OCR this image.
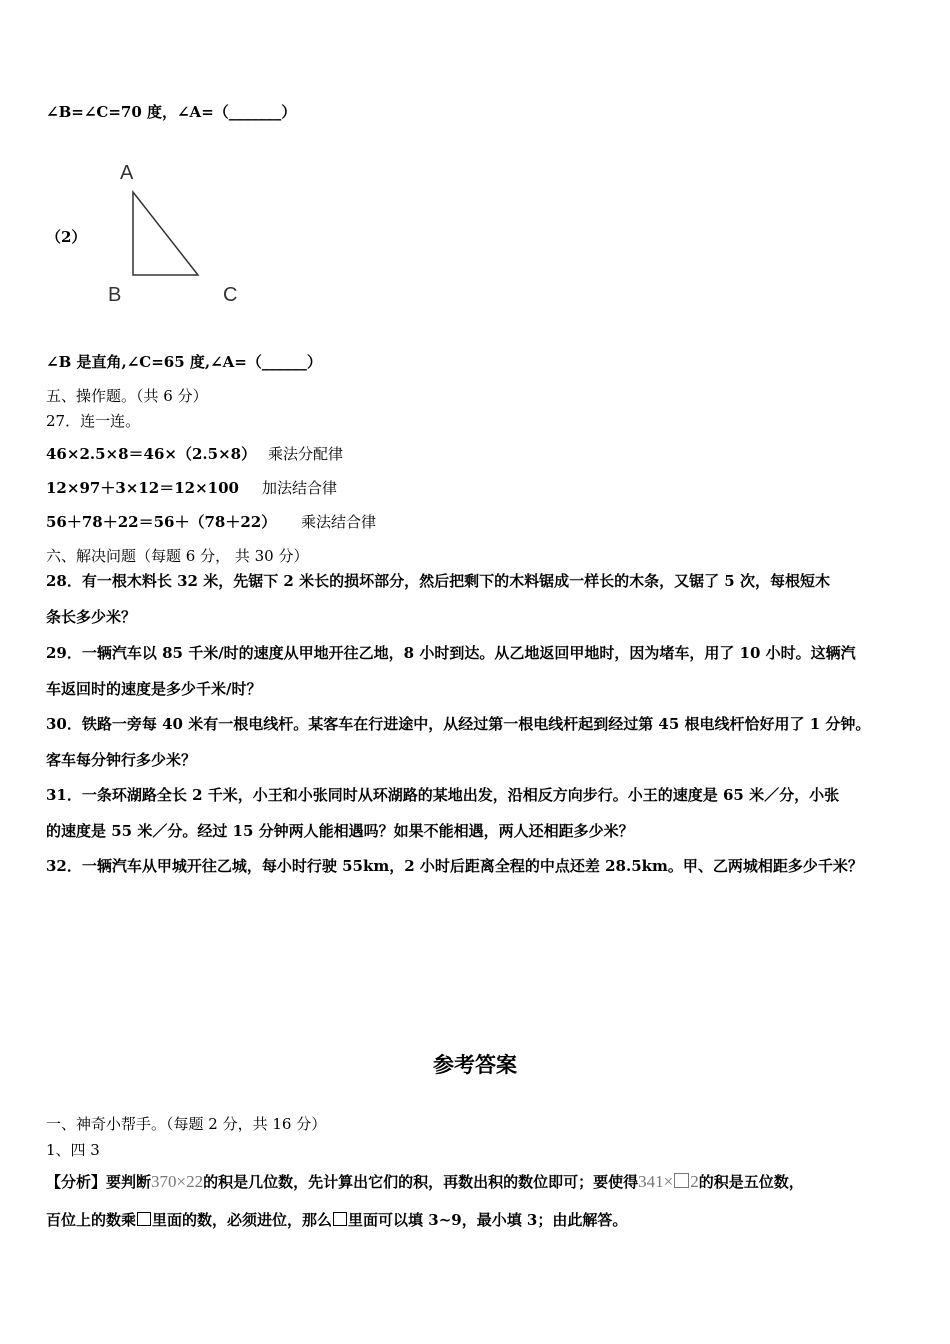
∠B=∠C=70 度，∠A=（_______）
（2）
A
B	C
∠B 是直角,∠C=65 度,∠A=（______）
五、操作题。（共 6 分）
27．连一连。
46×2.5×8＝46×（2.5×8） 乘法分配律
12×97＋3×12＝12×100 加法结合律
56＋78＋22＝56＋（78＋22） 乘法结合律
六、解决问题（每题 6 分， 共 30 分）
28．有一根木料长 32 米，先锯下 2 米长的损坏部分，然后把剩下的木料锯成一样长的木条，又锯了 5 次，每根短木
条长多少米？
29．一辆汽车以 85 千米/时的速度从甲地开往乙地，8 小时到达。从乙地返回甲地时，因为堵车，用了 10 小时。这辆汽
车返回时的速度是多少千米/时？
30．铁路一旁每 40 米有一根电线杆。某客车在行进途中，从经过第一根电线杆起到经过第 45 根电线杆恰好用了 1 分钟。
客车每分钟行多少米？
31．一条环湖路全长 2 千米，小王和小张同时从环湖路的某地出发，沿相反方向步行。小王的速度是 65 米／分，小张
的速度是 55 米／分。经过 15 分钟两人能相遇吗？如果不能相遇，两人还相距多少米？
32．一辆汽车从甲城开往乙城，每小时行驶 55km，2 小时后距离全程的中点还差 28.5km。甲、乙两城相距多少千米？
参考答案
一、神奇小帮手。（每题 2 分，共 16 分）
1、四 3
【分析】要判断370×22的积是几位数，先计算出它们的积，再数出积的数位即可；要使得341× 2的积是五位数，
百位上的数乘 里面的数，必须进位，那么 里面可以填 3~9，最小填 3；由此解答。
